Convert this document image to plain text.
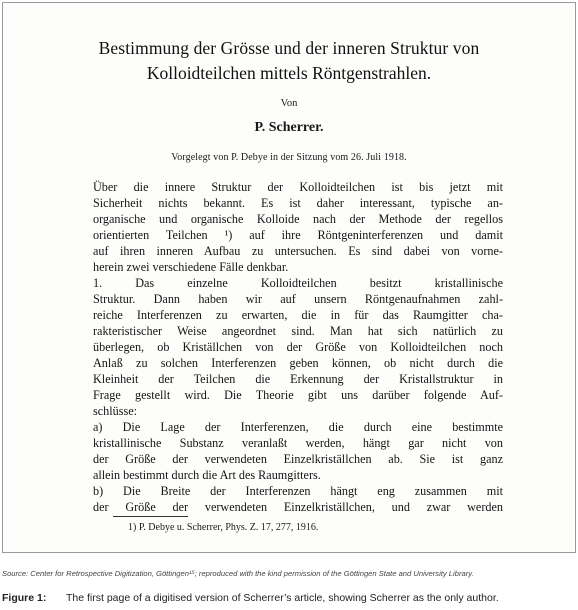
Bestimmung der Grösse und der inneren Struktur von
Kolloidteilchen mittels Röntgenstrahlen.
Von
P. Scherrer.
Vorgelegt von P. Debye in der Sitzung vom 26. Juli 1918.
Über die innere Struktur der Kolloidteilchen ist bis jetzt mit
Sicherheit nichts bekannt. Es ist daher interessant, typische an-
organische und organische Kolloide nach der Methode der regellos
orientierten Teilchen ¹) auf ihre Röntgeninterferenzen und damit
auf ihren inneren Aufbau zu untersuchen. Es sind dabei von vorne-
herein zwei verschiedene Fälle denkbar.
1. Das einzelne Kolloidteilchen besitzt kristallinische
Struktur. Dann haben wir auf unsern Röntgenaufnahmen zahl-
reiche Interferenzen zu erwarten, die in für das Raumgitter cha-
rakteristischer Weise angeordnet sind. Man hat sich natürlich zu
überlegen, ob Kriställchen von der Größe von Kolloidteilchen noch
Anlaß zu solchen Interferenzen geben können, ob nicht durch die
Kleinheit der Teilchen die Erkennung der Kristallstruktur in
Frage gestellt wird. Die Theorie gibt uns darüber folgende Auf-
schlüsse:
a) Die Lage der Interferenzen, die durch eine bestimmte
kristallinische Substanz veranlaßt werden, hängt gar nicht von
der Größe der verwendeten Einzelkriställchen ab. Sie ist ganz
allein bestimmt durch die Art des Raumgitters.
b) Die Breite der Interferenzen hängt eng zusammen mit
der Größe der verwendeten Einzelkriställchen, und zwar werden
1) P. Debye u. Scherrer, Phys. Z. 17, 277, 1916.
Source: Center for Retrospective Digitization, Göttingen¹⁵; reproduced with the kind permission of the Göttingen State and University Library.
Figure 1: The first page of a digitised version of Scherrer’s article, showing Scherrer as the only author.
